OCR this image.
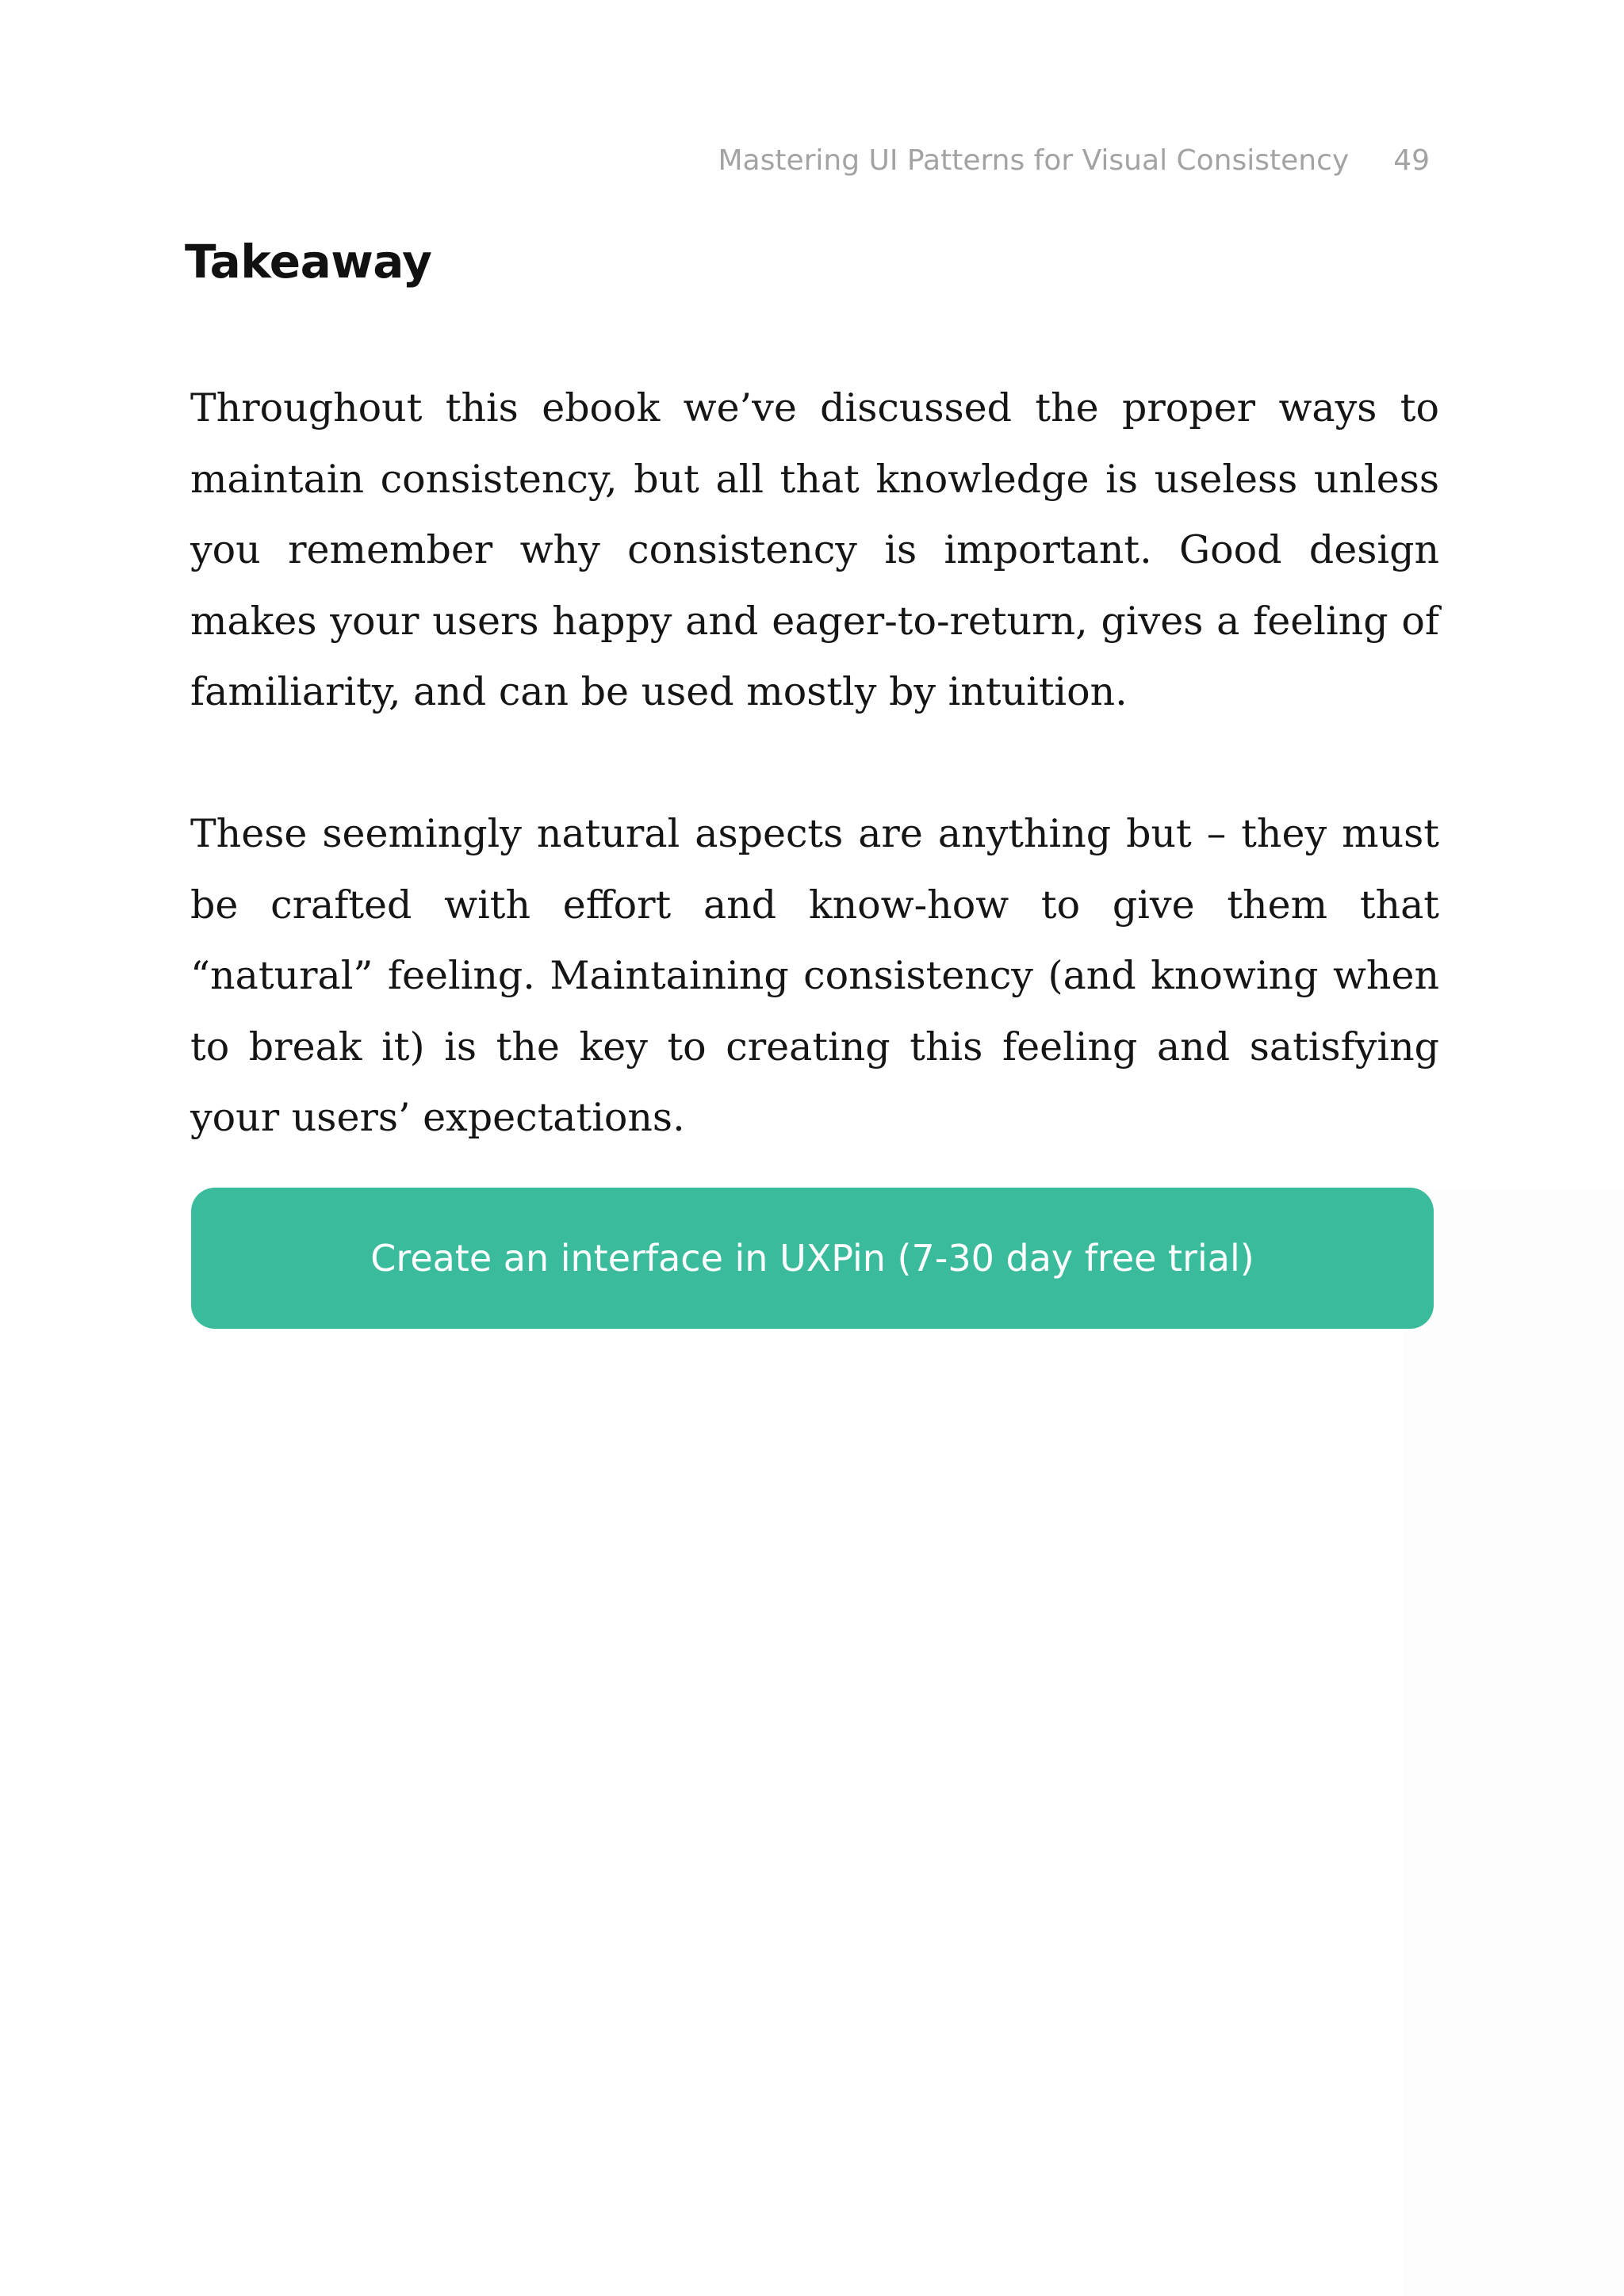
Mastering UI Patterns for Visual Consistency 49
Takeaway

Throughout this ebook we’ve discussed the proper ways to maintain consistency, but all that knowledge is useless unless you remember why consistency is important. Good design makes your users happy and eager-to-return, gives a feeling of familiarity, and can be used mostly by intuition.

These seemingly natural aspects are anything but – they must be crafted with effort and know-how to give them that “natural” feeling. Maintaining consistency (and knowing when to break it) is the key to creating this feeling and satisfying your users’ expectations.

Create an interface in UXPin (7-30 day free trial)
